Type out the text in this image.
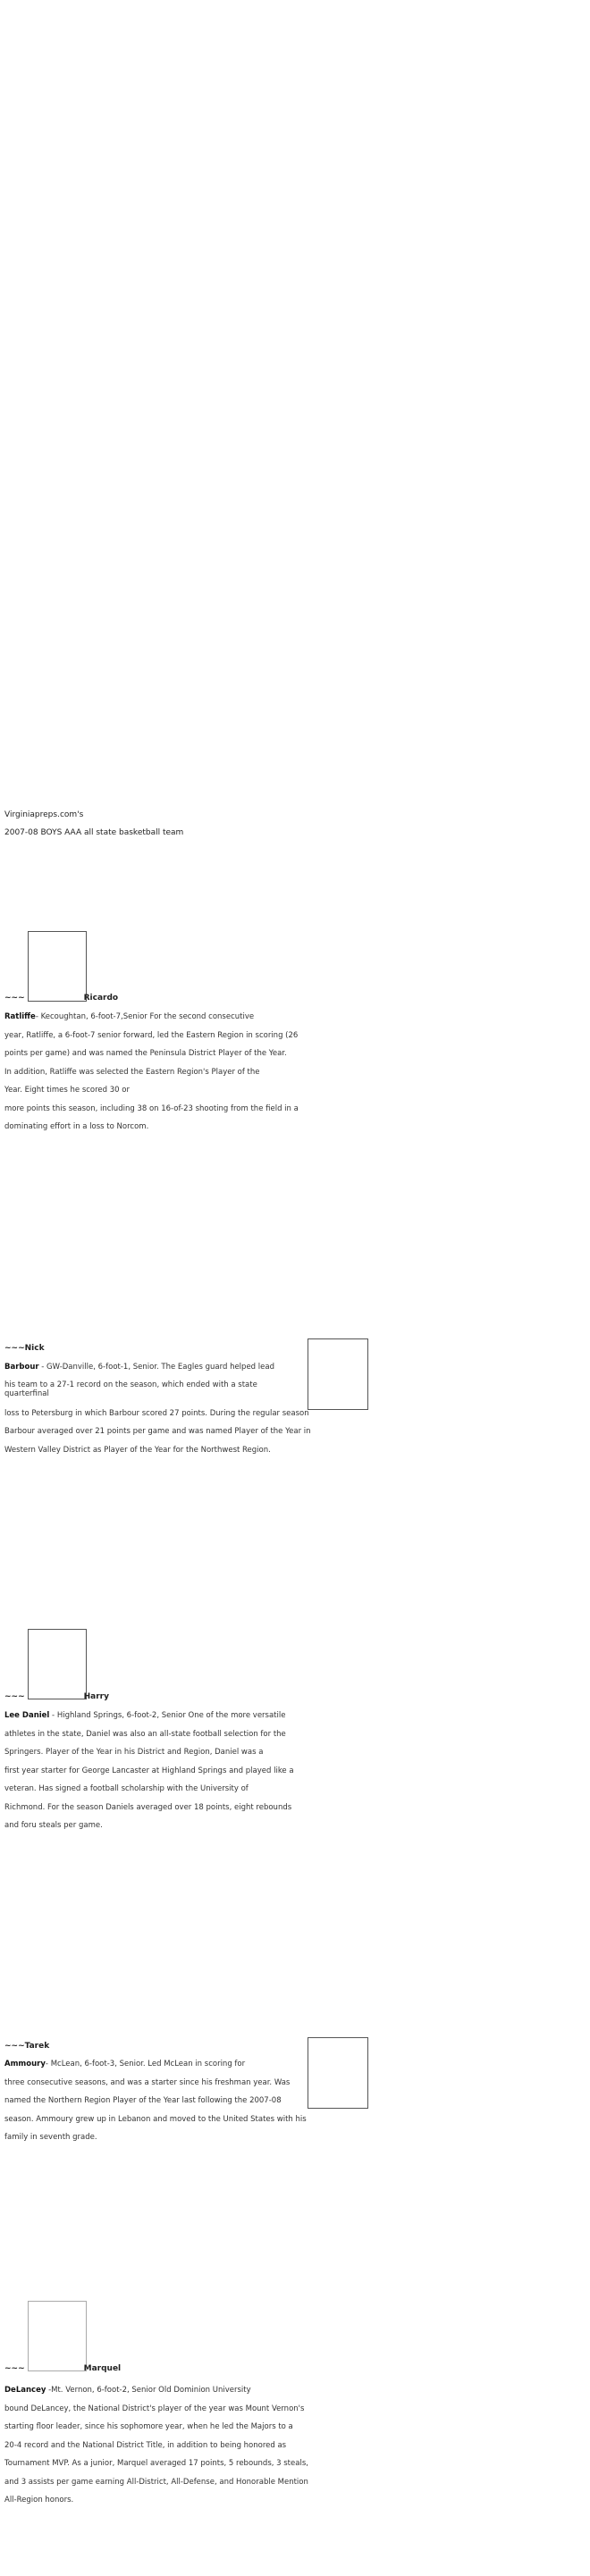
Virginiapreps.com's
2007-08 BOYS AAA all state basketball team
~~~	Ricardo

Ratliffe- Kecoughtan, 6-foot-7,Senior For the second consecutive

year, Ratliffe, a 6-foot-7 senior forward, led the Eastern Region in scoring (26

points per game) and was named the Peninsula District Player of the Year.

In addition, Ratliffe was selected the Eastern Region's Player of the

Year. Eight times he scored 30 or

more points this season, including 38 on 16-of-23 shooting from the field in a

dominating effort in a loss to Norcom.

~~~Nick

Barbour - GW-Danville, 6-foot-1, Senior. The Eagles guard helped lead

his team to a 27-1 record on the season, which ended with a state quarterfinal

loss to Petersburg in which Barbour scored 27 points. During the regular season

Barbour averaged over 21 points per game and was named Player of the Year in

Western Valley District as Player of the Year for the Northwest Region.

~~~	Harry

Lee Daniel - Highland Springs, 6-foot-2, Senior One of the more versatile

athletes in the state, Daniel was also an all-state football selection for the

Springers. Player of the Year in his District and Region, Daniel was a

first year starter for George Lancaster at Highland Springs and played like a

veteran. Has signed a football scholarship with the University of

Richmond. For the season Daniels averaged over 18 points, eight rebounds

and foru steals per game.

~~~Tarek

Ammoury- McLean, 6-foot-3, Senior. Led McLean in scoring for

three consecutive seasons, and was a starter since his freshman year. Was

named the Northern Region Player of the Year last following the 2007-08

season. Ammoury grew up in Lebanon and moved to the United States with his

family in seventh grade.

~~~	Marquel

DeLancey -Mt. Vernon, 6-foot-2, Senior Old Dominion University

bound DeLancey, the National District's player of the year was Mount Vernon's

starting floor leader, since his sophomore year, when he led the Majors to a

20-4 record and the National District Title, in addition to being honored as

Tournament MVP. As a junior, Marquel averaged 17 points, 5 rebounds, 3 steals,

and 3 assists per game earning All-District, All-Defense, and Honorable Mention

All-Region honors.
